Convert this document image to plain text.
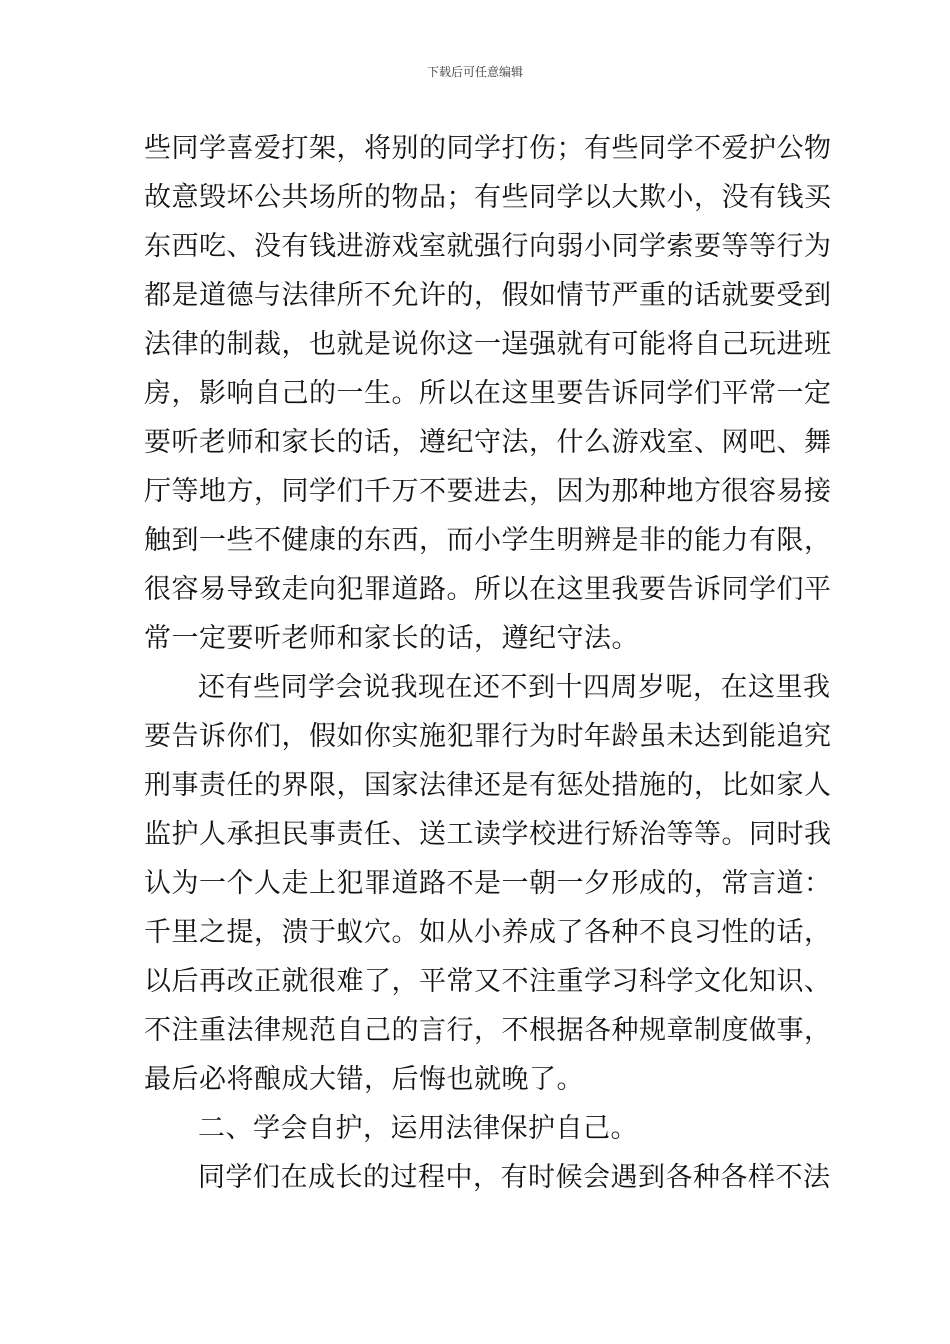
下载后可任意编辑
些同学喜爱打架，将别的同学打伤；有些同学不爱护公物
故意毁坏公共场所的物品；有些同学以大欺小，没有钱买
东西吃、没有钱进游戏室就强行向弱小同学索要等等行为
都是道德与法律所不允许的，假如情节严重的话就要受到
法律的制裁，也就是说你这一逞强就有可能将自己玩进班
房，影响自己的一生。所以在这里要告诉同学们平常一定
要听老师和家长的话，遵纪守法，什么游戏室、网吧、舞
厅等地方，同学们千万不要进去，因为那种地方很容易接
触到一些不健康的东西，而小学生明辨是非的能力有限，
很容易导致走向犯罪道路。所以在这里我要告诉同学们平
常一定要听老师和家长的话，遵纪守法。
还有些同学会说我现在还不到十四周岁呢，在这里我
要告诉你们，假如你实施犯罪行为时年龄虽未达到能追究
刑事责任的界限，国家法律还是有惩处措施的，比如家人
监护人承担民事责任、送工读学校进行矫治等等。同时我
认为一个人走上犯罪道路不是一朝一夕形成的，常言道：
千里之提，溃于蚁穴。如从小养成了各种不良习性的话，
以后再改正就很难了，平常又不注重学习科学文化知识、
不注重法律规范自己的言行，不根据各种规章制度做事，
最后必将酿成大错，后悔也就晚了。
二、学会自护，运用法律保护自己。
同学们在成长的过程中，有时候会遇到各种各样不法
